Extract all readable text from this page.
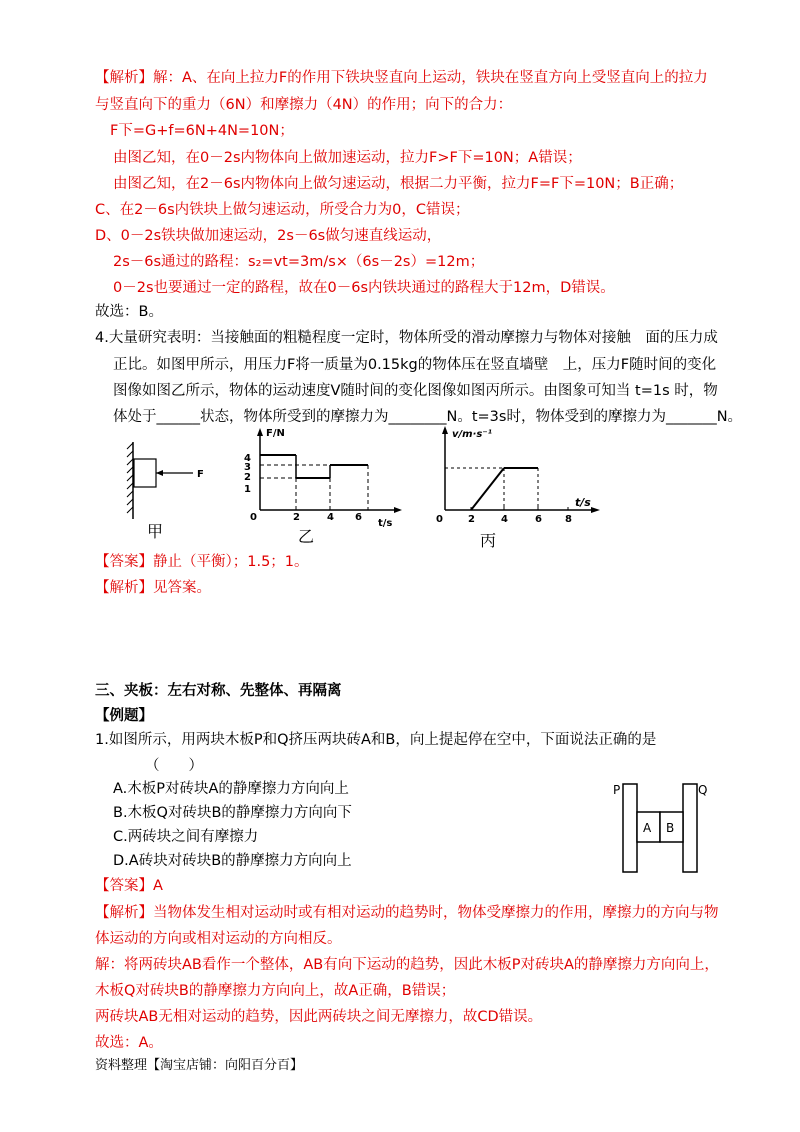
【解析】解：A、在向上拉力F的作用下铁块竖直向上运动，铁块在竖直方向上受竖直向上的拉力
与竖直向下的重力（6N）和摩擦力（4N）的作用；向下的合力：
F下=G+f=6N+4N=10N；
由图乙知，在0－2s内物体向上做加速运动，拉力F>F下=10N；A错误；
由图乙知，在2－6s内物体向上做匀速运动，根据二力平衡，拉力F=F下=10N；B正确；
C、在2－6s内铁块上做匀速运动，所受合力为0，C错误；
D、0－2s铁块做加速运动，2s－6s做匀速直线运动，
2s－6s通过的路程：s₂=vt=3m/s×（6s－2s）=12m；
0－2s也要通过一定的路程，故在0－6s内铁块通过的路程大于12m，D错误。
故选：B。
4.大量研究表明：当接触面的粗糙程度一定时，物体所受的滑动摩擦力与物体对接触　面的压力成
正比。如图甲所示，用压力F将一质量为0.15kg的物体压在竖直墙壁　上，压力F随时间的变化
图像如图乙所示，物体的运动速度V随时间的变化图像如图丙所示。由图象可知当 t=1s 时，物
体处于______状态，物体所受到的摩擦力为________N。t=3s时，物体受到的摩擦力为_______N。
F
甲
F/N
4
3
2
1
0	2	4 6
t/s
乙
v/m·s⁻¹
0	2	4	6 8
t/s
丙
【答案】静止（平衡）；1.5；1。
【解析】见答案。
三、夹板：左右对称、先整体、再隔离
【例题】
1.如图所示，用两块木板P和Q挤压两块砖A和B，向上提起停在空中，下面说法正确的是
（　　）
A.木板P对砖块A的静摩擦力方向向上
B.木板Q对砖块B的静摩擦力方向向下
C.两砖块之间有摩擦力
D.A砖块对砖块B的静摩擦力方向向上
P	Q
A B
【答案】A
【解析】当物体发生相对运动时或有相对运动的趋势时，物体受摩擦力的作用，摩擦力的方向与物
体运动的方向或相对运动的方向相反。
解：将两砖块AB看作一个整体，AB有向下运动的趋势，因此木板P对砖块A的静摩擦力方向向上，
木板Q对砖块B的静摩擦力方向向上，故A正确，B错误；
两砖块AB无相对运动的趋势，因此两砖块之间无摩擦力，故CD错误。
故选：A。
资料整理【淘宝店铺：向阳百分百】
